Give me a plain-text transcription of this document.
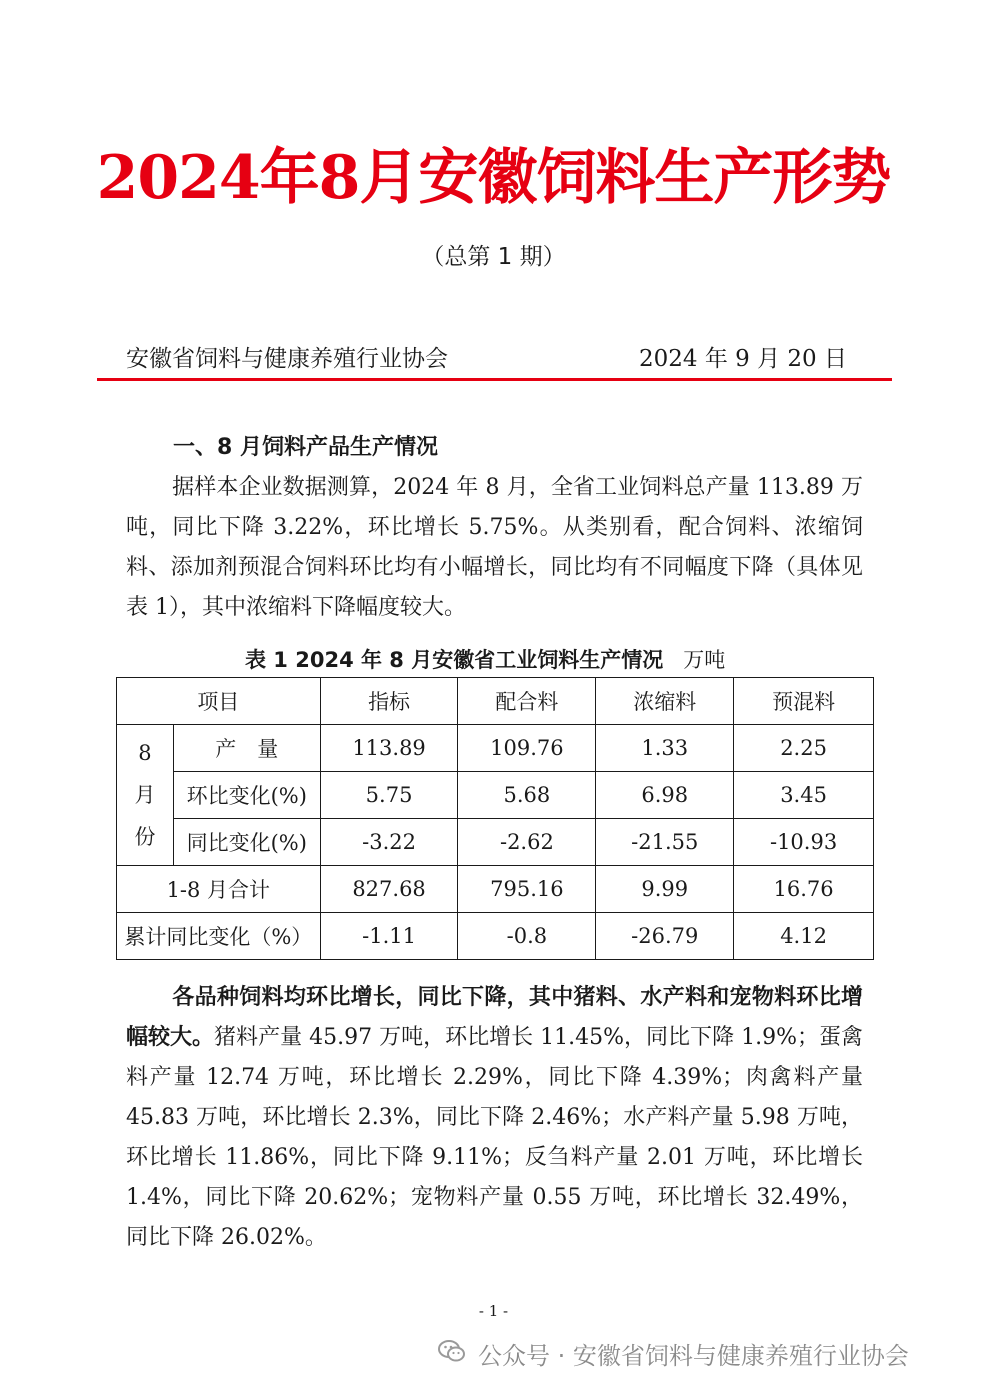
2024年8月安徽饲料生产形势
（总第 1 期）
安徽省饲料与健康养殖行业协会	2024 年 9 月 20 日
一、8 月饲料产品生产情况

据样本企业数据测算，2024 年 8 月，全省工业饲料总产量 113.89 万吨，同比下降 3.22%，环比增长 5.75%。从类别看，配合饲料、浓缩饲料、添加剂预混合饲料环比均有小幅增长，同比均有不同幅度下降（具体见表 1），其中浓缩料下降幅度较大。

表 1 2024 年 8 月安徽省工业饲料生产情况 万吨
项目		指标	配合料	浓缩料	预混料

8
月
份	产　量	113.89	109.76	1.33	2.25
	环比变化(%)	5.75	5.68	6.98	3.45
	同比变化(%)	-3.22	-2.62	-21.55	-10.93
1-8 月合计		827.68	795.16	9.99	16.76
累计同比变化（%）		-1.11	-0.8	-26.79	4.12

各品种饲料均环比增长，同比下降，其中猪料、水产料和宠物料环比增幅较大。猪料产量 45.97 万吨，环比增长 11.45%，同比下降 1.9%；蛋禽料产量 12.74 万吨，环比增长 2.29%，同比下降 4.39%；肉禽料产量 45.83 万吨，环比增长 2.3%，同比下降 2.46%；水产料产量 5.98 万吨，环比增长 11.86%，同比下降 9.11%；反刍料产量 2.01 万吨，环比增长 1.4%，同比下降 20.62%；宠物料产量 0.55 万吨，环比增长 32.49%，同比下降 26.02%。

- 1 -
公众号 · 安徽省饲料与健康养殖行业协会
